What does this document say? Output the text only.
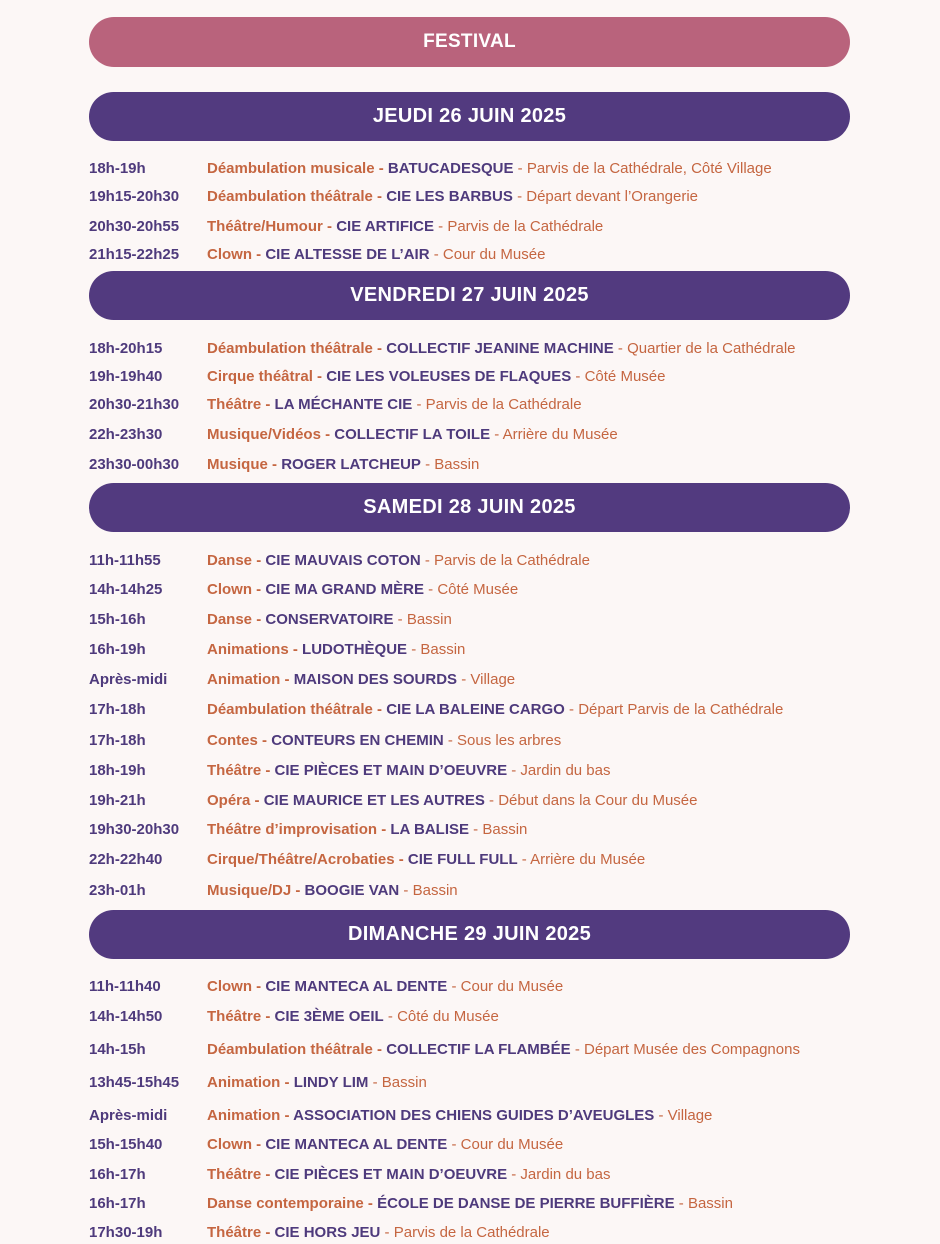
FESTIVAL
JEUDI 26 JUIN 2025
18h-19h	Déambulation musicale - BATUCADESQUE - Parvis de la Cathédrale, Côté Village
19h15-20h30	Déambulation théâtrale - CIE LES BARBUS - Départ devant l’Orangerie
20h30-20h55	Théâtre/Humour - CIE ARTIFICE - Parvis de la Cathédrale
21h15-22h25	Clown - CIE ALTESSE DE L’AIR - Cour du Musée
VENDREDI 27 JUIN 2025
18h-20h15	Déambulation théâtrale - COLLECTIF JEANINE MACHINE - Quartier de la Cathédrale
19h-19h40	Cirque théâtral - CIE LES VOLEUSES DE FLAQUES - Côté Musée
20h30-21h30	Théâtre - LA MÉCHANTE CIE - Parvis de la Cathédrale
22h-23h30	Musique/Vidéos - COLLECTIF LA TOILE - Arrière du Musée
23h30-00h30	Musique - ROGER LATCHEUP - Bassin
SAMEDI 28 JUIN 2025
11h-11h55	Danse - CIE MAUVAIS COTON - Parvis de la Cathédrale
14h-14h25	Clown - CIE MA GRAND MÈRE - Côté Musée
15h-16h	Danse - CONSERVATOIRE - Bassin
16h-19h	Animations - LUDOTHÈQUE - Bassin
Après-midi	Animation - MAISON DES SOURDS - Village
17h-18h	Déambulation théâtrale - CIE LA BALEINE CARGO - Départ Parvis de la Cathédrale
17h-18h	Contes - CONTEURS EN CHEMIN - Sous les arbres
18h-19h	Théâtre - CIE PIÈCES ET MAIN D’OEUVRE - Jardin du bas
19h-21h	Opéra - CIE MAURICE ET LES AUTRES - Début dans la Cour du Musée
19h30-20h30	Théâtre d’improvisation - LA BALISE - Bassin
22h-22h40	Cirque/Théâtre/Acrobaties - CIE FULL FULL - Arrière du Musée
23h-01h	Musique/DJ - BOOGIE VAN - Bassin
DIMANCHE 29 JUIN 2025
11h-11h40	Clown - CIE MANTECA AL DENTE - Cour du Musée
14h-14h50	Théâtre - CIE 3ÈME OEIL - Côté du Musée
14h-15h	Déambulation théâtrale - COLLECTIF LA FLAMBÉE - Départ Musée des Compagnons
13h45-15h45	Animation - LINDY LIM - Bassin
Après-midi	Animation - ASSOCIATION DES CHIENS GUIDES D’AVEUGLES - Village
15h-15h40	Clown - CIE MANTECA AL DENTE - Cour du Musée
16h-17h	Théâtre - CIE PIÈCES ET MAIN D’OEUVRE - Jardin du bas
16h-17h	Danse contemporaine - ÉCOLE DE DANSE DE PIERRE BUFFIÈRE - Bassin
17h30-19h	Théâtre - CIE HORS JEU - Parvis de la Cathédrale
